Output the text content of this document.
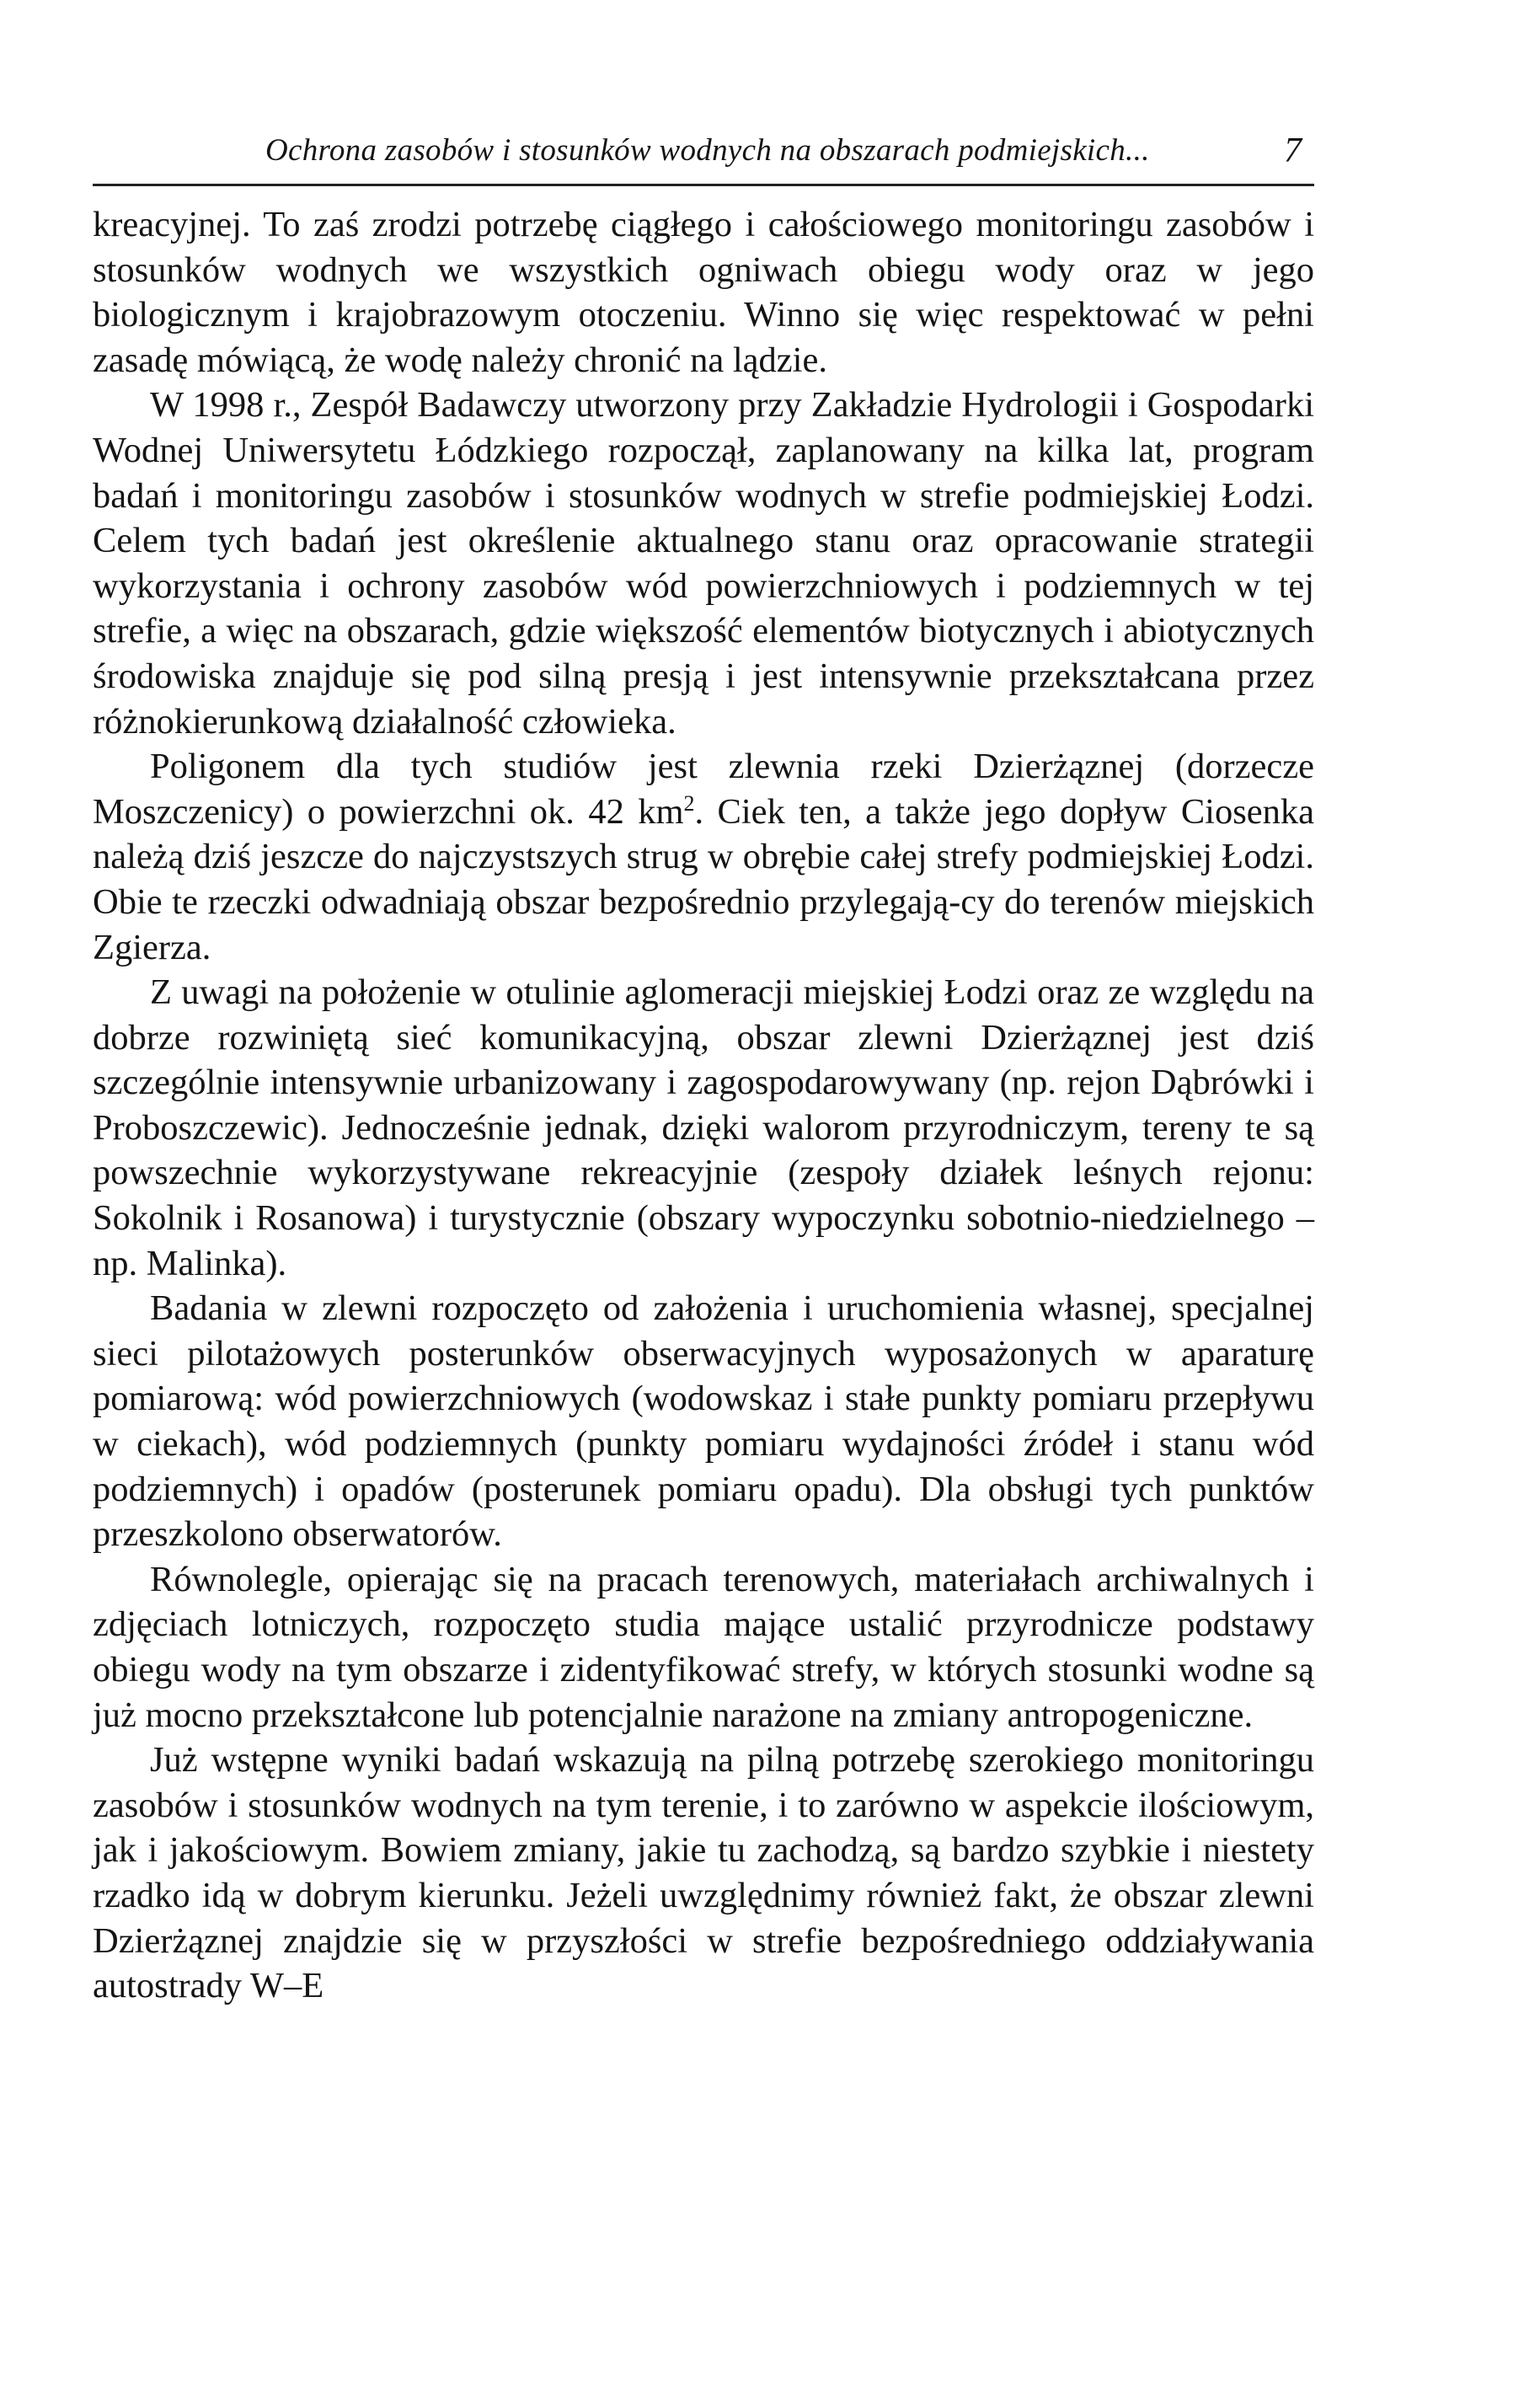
Ochrona zasobów i stosunków wodnych na obszarach podmiejskich...	7

kreacyjnej. To zaś zrodzi potrzebę ciągłego i całościowego monitoringu zasobów i stosunków wodnych we wszystkich ogniwach obiegu wody oraz w jego biologicznym i krajobrazowym otoczeniu. Winno się więc respektować w pełni zasadę mówiącą, że wodę należy chronić na lądzie.

W 1998 r., Zespół Badawczy utworzony przy Zakładzie Hydrologii i Gospodarki Wodnej Uniwersytetu Łódzkiego rozpoczął, zaplanowany na kilka lat, program badań i monitoringu zasobów i stosunków wodnych w strefie podmiejskiej Łodzi. Celem tych badań jest określenie aktualnego stanu oraz opracowanie strategii wykorzystania i ochrony zasobów wód powierzchniowych i podziemnych w tej strefie, a więc na obszarach, gdzie większość elementów biotycznych i abiotycznych środowiska znajduje się pod silną presją i jest intensywnie przekształcana przez różnokierunkową działalność człowieka.

Poligonem dla tych studiów jest zlewnia rzeki Dzierżąznej (dorzecze Moszczenicy) o powierzchni ok. 42 $km^2$. Ciek ten, a także jego dopływ Ciosenka należą dziś jeszcze do najczystszych strug w obrębie całej strefy podmiejskiej Łodzi. Obie te rzeczki odwadniają obszar bezpośrednio przylegają-cy do terenów miejskich Zgierza.

Z uwagi na położenie w otulinie aglomeracji miejskiej Łodzi oraz ze względu na dobrze rozwiniętą sieć komunikacyjną, obszar zlewni Dzierżąznej jest dziś szczególnie intensywnie urbanizowany i zagospodarowywany (np. rejon Dąbrówki i Proboszczewic). Jednocześnie jednak, dzięki walorom przyrodniczym, tereny te są powszechnie wykorzystywane rekreacyjnie (zespoły działek leśnych rejonu: Sokolnik i Rosanowa) i turystycznie (obszary wypoczynku sobotnio-niedzielnego – np. Malinka).

Badania w zlewni rozpoczęto od założenia i uruchomienia własnej, specjalnej sieci pilotażowych posterunków obserwacyjnych wyposażonych w aparaturę pomiarową: wód powierzchniowych (wodowskaz i stałe punkty pomiaru przepływu w ciekach), wód podziemnych (punkty pomiaru wydajności źródeł i stanu wód podziemnych) i opadów (posterunek pomiaru opadu). Dla obsługi tych punktów przeszkolono obserwatorów.

Równolegle, opierając się na pracach terenowych, materiałach archiwalnych i zdjęciach lotniczych, rozpoczęto studia mające ustalić przyrodnicze podstawy obiegu wody na tym obszarze i zidentyfikować strefy, w których stosunki wodne są już mocno przekształcone lub potencjalnie narażone na zmiany antropogeniczne.

Już wstępne wyniki badań wskazują na pilną potrzebę szerokiego monitoringu zasobów i stosunków wodnych na tym terenie, i to zarówno w aspekcie ilościowym, jak i jakościowym. Bowiem zmiany, jakie tu zachodzą, są bardzo szybkie i niestety rzadko idą w dobrym kierunku. Jeżeli uwzględnimy również fakt, że obszar zlewni Dzierżąznej znajdzie się w przyszłości w strefie bezpośredniego oddziaływania autostrady W–E
